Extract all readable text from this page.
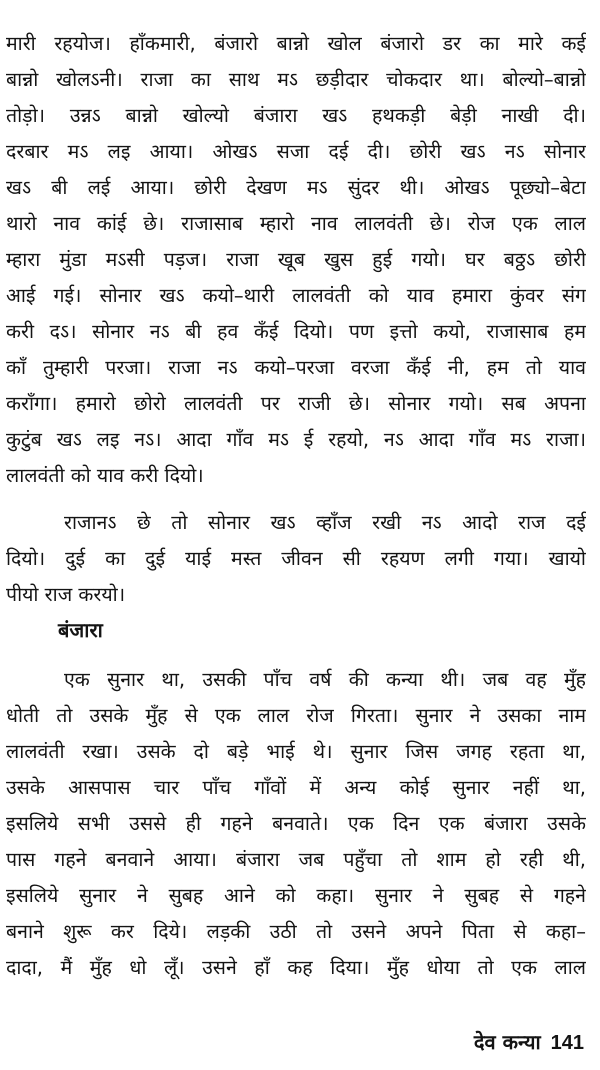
मारी रहयोज। हाँकमारी, बंजारो बान्नो खोल बंजारो डर का मारे कई
बान्नो खोलऽनी। राजा का साथ मऽ छड़ीदार चोकदार था। बोल्यो–बान्नो
तोड़ो। उन्नऽ बान्नो खोल्यो बंजारा खऽ हथकड़ी बेड़ी नाखी दी।
दरबार मऽ लइ आया। ओखऽ सजा दई दी। छोरी खऽ नऽ सोनार
खऽ बी लई आया। छोरी देखण मऽ सुंदर थी। ओखऽ पूछ्यो–बेटा
थारो नाव कांई छे। राजासाब म्हारो नाव लालवंती छे। रोज एक लाल
म्हारा मुंडा मऽसी पड़ज। राजा खूब खुस हुई गयो। घर बठ्ठऽ छोरी
आई गई। सोनार खऽ कयो–थारी लालवंती को याव हमारा कुंवर संग
करी दऽ। सोनार नऽ बी हव कँई दियो। पण इत्तो कयो, राजासाब हम
काँ तुम्हारी परजा। राजा नऽ कयो–परजा वरजा कँई नी, हम तो याव
कराँगा। हमारो छोरो लालवंती पर राजी छे। सोनार गयो। सब अपना
कुटुंब खऽ लइ नऽ। आदा गाँव मऽ ई रहयो, नऽ आदा गाँव मऽ राजा।
लालवंती को याव करी दियो।
राजानऽ छे तो सोनार खऽ व्हाँज रखी नऽ आदो राज दई
दियो। दुई का दुई याई मस्त जीवन सी रहयण लगी गया। खायो
पीयो राज करयो।
बंजारा
एक सुनार था, उसकी पाँच वर्ष की कन्या थी। जब वह मुँह
धोती तो उसके मुँह से एक लाल रोज गिरता। सुनार ने उसका नाम
लालवंती रखा। उसके दो बड़े भाई थे। सुनार जिस जगह रहता था,
उसके आसपास चार पाँच गाँवों में अन्य कोई सुनार नहीं था,
इसलिये सभी उससे ही गहने बनवाते। एक दिन एक बंजारा उसके
पास गहने बनवाने आया। बंजारा जब पहुँचा तो शाम हो रही थी,
इसलिये सुनार ने सुबह आने को कहा। सुनार ने सुबह से गहने
बनाने शुरू कर दिये। लड़की उठी तो उसने अपने पिता से कहा–
दादा, मैं मुँह धो लूँ। उसने हाँ कह दिया। मुँह धोया तो एक लाल
देव कन्या 141
